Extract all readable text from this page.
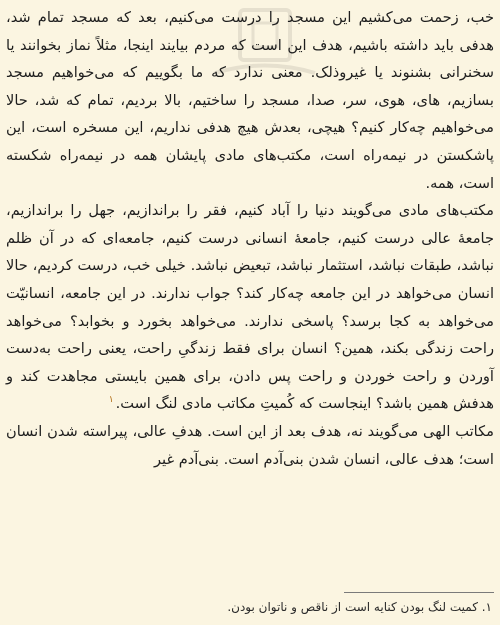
خب، زحمت می‌کشیم این مسجد را درست می‌کنیم، بعد که مسجد تمام شد، هدفی باید داشته باشیم، هدف این است که مردم بیایند اینجا، مثلاً نماز بخوانند یا سخنرانی بشنوند یا غیروذلک. معنی ندارد که ما بگوییم که می‌خواهیم مسجد بسازیم، های، هوی، سر، صدا، مسجد را ساختیم، بالا بردیم، تمام که شد، حالا می‌خواهیم چه‌کار کنیم؟ هیچی، بعدش هیچ هدفی نداریم، این مسخره است، این پاشکستن در نیمه‌راه است، مکتب‌های مادی پایشان همه در نیمه‌راه شکسته است، همه.

مکتب‌های مادی می‌گویند دنیا را آباد کنیم، فقر را براندازیم، جهل را براندازیم، جامعهٔ عالی درست کنیم، جامعهٔ انسانی درست کنیم، جامعه‌ای که در آن ظلم نباشد، طبقات نباشد، استثمار نباشد، تبعیض نباشد. خیلی خب، درست کردیم، حالا انسان می‌خواهد در این جامعه چه‌کار کند؟ جواب ندارند. در این جامعه، انسانیّت می‌خواهد به کجا برسد؟ پاسخی ندارند. می‌خواهد بخورد و بخوابد؟ می‌خواهد راحت زندگی بکند، همین؟ انسان برای فقط زندگیِ راحت، یعنی راحت به‌دست آوردن و راحت خوردن و راحت پس دادن، برای همین بایستی مجاهدت کند و هدفش همین باشد؟ اینجاست که کُمیتِ مکاتب مادی لنگ است.$^١$

مکاتب الهی می‌گویند نه، هدف بعد از این است. هدفِ عالی، پیراسته شدن انسان است؛ هدف عالی، انسان شدن بنی‌آدم است. بنی‌آدم غیر

۱. کمیت لنگ بودن کنایه است از ناقص و ناتوان بودن.
